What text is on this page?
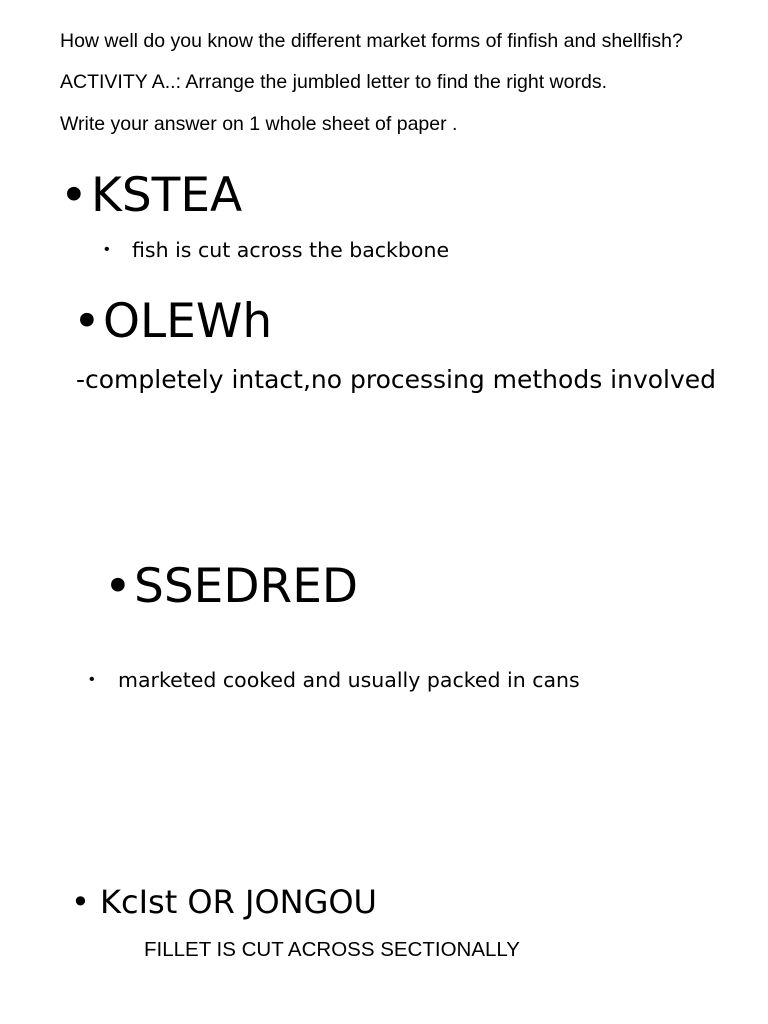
How well do you know the different market forms of finfish and shellfish?
ACTIVITY A..: Arrange the jumbled letter to find the right words.
Write your answer on 1 whole sheet of paper .
• KSTEA
• fish is cut across the backbone
• OLEWh
-completely intact,no processing methods involved
• SSEDRED
• marketed cooked and usually packed in cans
• KcIst OR JONGOU
FILLET IS CUT ACROSS SECTIONALLY
